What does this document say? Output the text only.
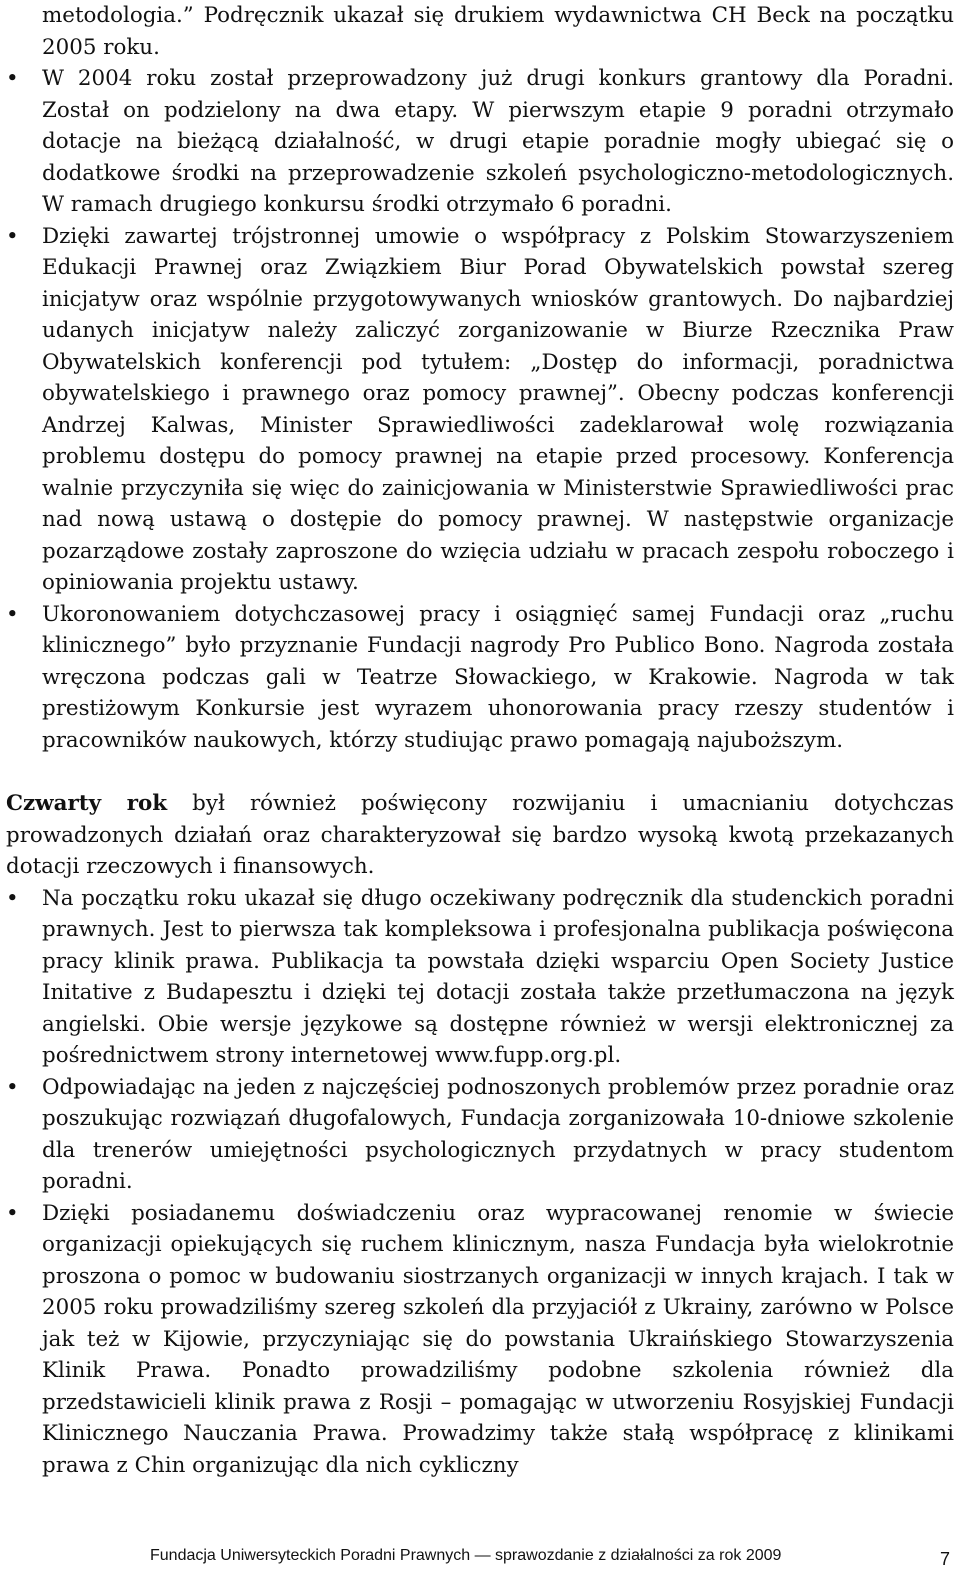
metodologia.” Podręcznik ukazał się drukiem wydawnictwa CH Beck na początku 2005 roku.

•	W 2004 roku został przeprowadzony już drugi konkurs grantowy dla Poradni. Został on podzielony na dwa etapy. W pierwszym etapie 9 poradni otrzymało dotacje na bieżącą działalność, w drugi etapie poradnie mogły ubiegać się o dodatkowe środki na przeprowadzenie szkoleń psychologiczno-metodologicznych. W ramach drugiego konkursu środki otrzymało 6 poradni.

•	Dzięki zawartej trójstronnej umowie o współpracy z Polskim Stowarzyszeniem Edukacji Prawnej oraz Związkiem Biur Porad Obywatelskich powstał szereg inicjatyw oraz wspólnie przygotowywanych wniosków grantowych. Do najbardziej udanych inicjatyw należy zaliczyć zorganizowanie w Biurze Rzecznika Praw Obywatelskich konferencji pod tytułem: „Dostęp do informacji, poradnictwa obywatelskiego i prawnego oraz pomocy prawnej”. Obecny podczas konferencji Andrzej Kalwas, Minister Sprawiedliwości zadeklarował wolę rozwiązania problemu dostępu do pomocy prawnej na etapie przed procesowy. Konferencja walnie przyczyniła się więc do zainicjowania w Ministerstwie Sprawiedliwości prac nad nową ustawą o dostępie do pomocy prawnej. W następstwie organizacje pozarządowe zostały zaproszone do wzięcia udziału w pracach zespołu roboczego i opiniowania projektu ustawy.

•	Ukoronowaniem dotychczasowej pracy i osiągnięć samej Fundacji oraz „ruchu klinicznego” było przyznanie Fundacji nagrody Pro Publico Bono. Nagroda została wręczona podczas gali w Teatrze Słowackiego, w Krakowie. Nagroda w tak prestiżowym Konkursie jest wyrazem uhonorowania pracy rzeszy studentów i pracowników naukowych, którzy studiując prawo pomagają najuboższym.

Czwarty rok był również poświęcony rozwijaniu i umacnianiu dotychczas prowadzonych działań oraz charakteryzował się bardzo wysoką kwotą przekazanych dotacji rzeczowych i finansowych.

•	Na początku roku ukazał się długo oczekiwany podręcznik dla studenckich poradni prawnych. Jest to pierwsza tak kompleksowa i profesjonalna publikacja poświęcona pracy klinik prawa. Publikacja ta powstała dzięki wsparciu Open Society Justice Initative z Budapesztu i dzięki tej dotacji została także przetłumaczona na język angielski. Obie wersje językowe są dostępne również w wersji elektronicznej za pośrednictwem strony internetowej www.fupp.org.pl.

•	Odpowiadając na jeden z najczęściej podnoszonych problemów przez poradnie oraz poszukując rozwiązań długofalowych, Fundacja zorganizowała 10-dniowe szkolenie dla trenerów umiejętności psychologicznych przydatnych w pracy studentom poradni.

•	Dzięki posiadanemu doświadczeniu oraz wypracowanej renomie w świecie organizacji opiekujących się ruchem klinicznym, nasza Fundacja była wielokrotnie proszona o pomoc w budowaniu siostrzanych organizacji w innych krajach. I tak w 2005 roku prowadziliśmy szereg szkoleń dla przyjaciół z Ukrainy, zarówno w Polsce jak też w Kijowie, przyczyniając się do powstania Ukraińskiego Stowarzyszenia Klinik Prawa. Ponadto prowadziliśmy podobne szkolenia również dla przedstawicieli klinik prawa z Rosji – pomagając w utworzeniu Rosyjskiej Fundacji Klinicznego Nauczania Prawa. Prowadzimy także stałą współpracę z klinikami prawa z Chin organizując dla nich cykliczny

Fundacja Uniwersyteckich Poradni Prawnych — sprawozdanie z działalności za rok 2009	7
